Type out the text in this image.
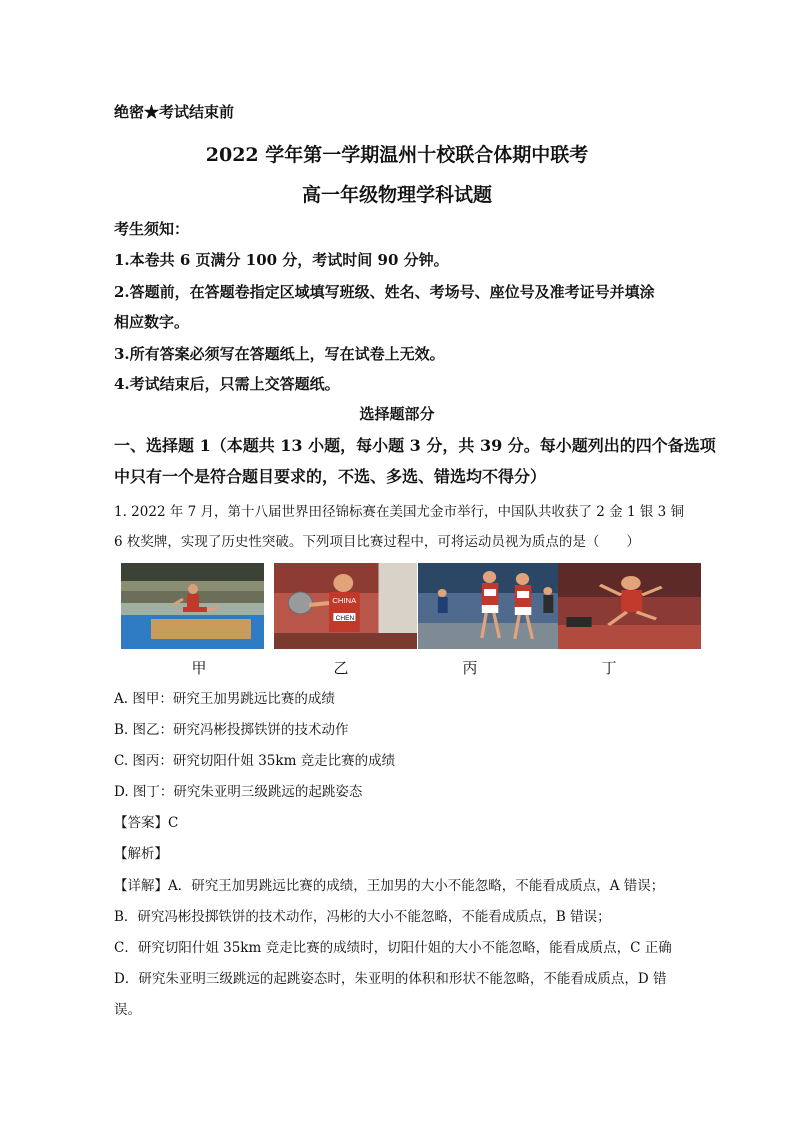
绝密★考试结束前
2022 学年第一学期温州十校联合体期中联考
高一年级物理学科试题
考生须知：
1.本卷共 6 页满分 100 分，考试时间 90 分钟。
2.答题前，在答题卷指定区域填写班级、姓名、考场号、座位号及准考证号并填涂
相应数字。
3.所有答案必须写在答题纸上，写在试卷上无效。
4.考试结束后，只需上交答题纸。
选择题部分
一、选择题 1（本题共 13 小题，每小题 3 分，共 39 分。每小题列出的四个备选项
中只有一个是符合题目要求的，不选、多选、错选均不得分）
1. 2022 年 7 月，第十八届世界田径锦标赛在美国尤金市举行，中国队共收获了 2 金 1 银 3 铜
6 枚奖牌，实现了历史性突破。下列项目比赛过程中，可将运动员视为质点的是（　　）
CHINA
CHEN
甲	乙	丙	丁
A. 图甲：研究王加男跳远比赛的成绩
B. 图乙：研究冯彬投掷铁饼的技术动作
C. 图丙：研究切阳什姐 35km 竞走比赛的成绩
D. 图丁：研究朱亚明三级跳远的起跳姿态
【答案】C
【解析】
【详解】A．研究王加男跳远比赛的成绩，王加男的大小不能忽略，不能看成质点，A 错误；
B．研究冯彬投掷铁饼的技术动作，冯彬的大小不能忽略，不能看成质点，B 错误；
C．研究切阳什姐 35km 竞走比赛的成绩时，切阳什姐的大小不能忽略，能看成质点，C 正确
D．研究朱亚明三级跳远的起跳姿态时，朱亚明的体积和形状不能忽略，不能看成质点，D 错
误。
